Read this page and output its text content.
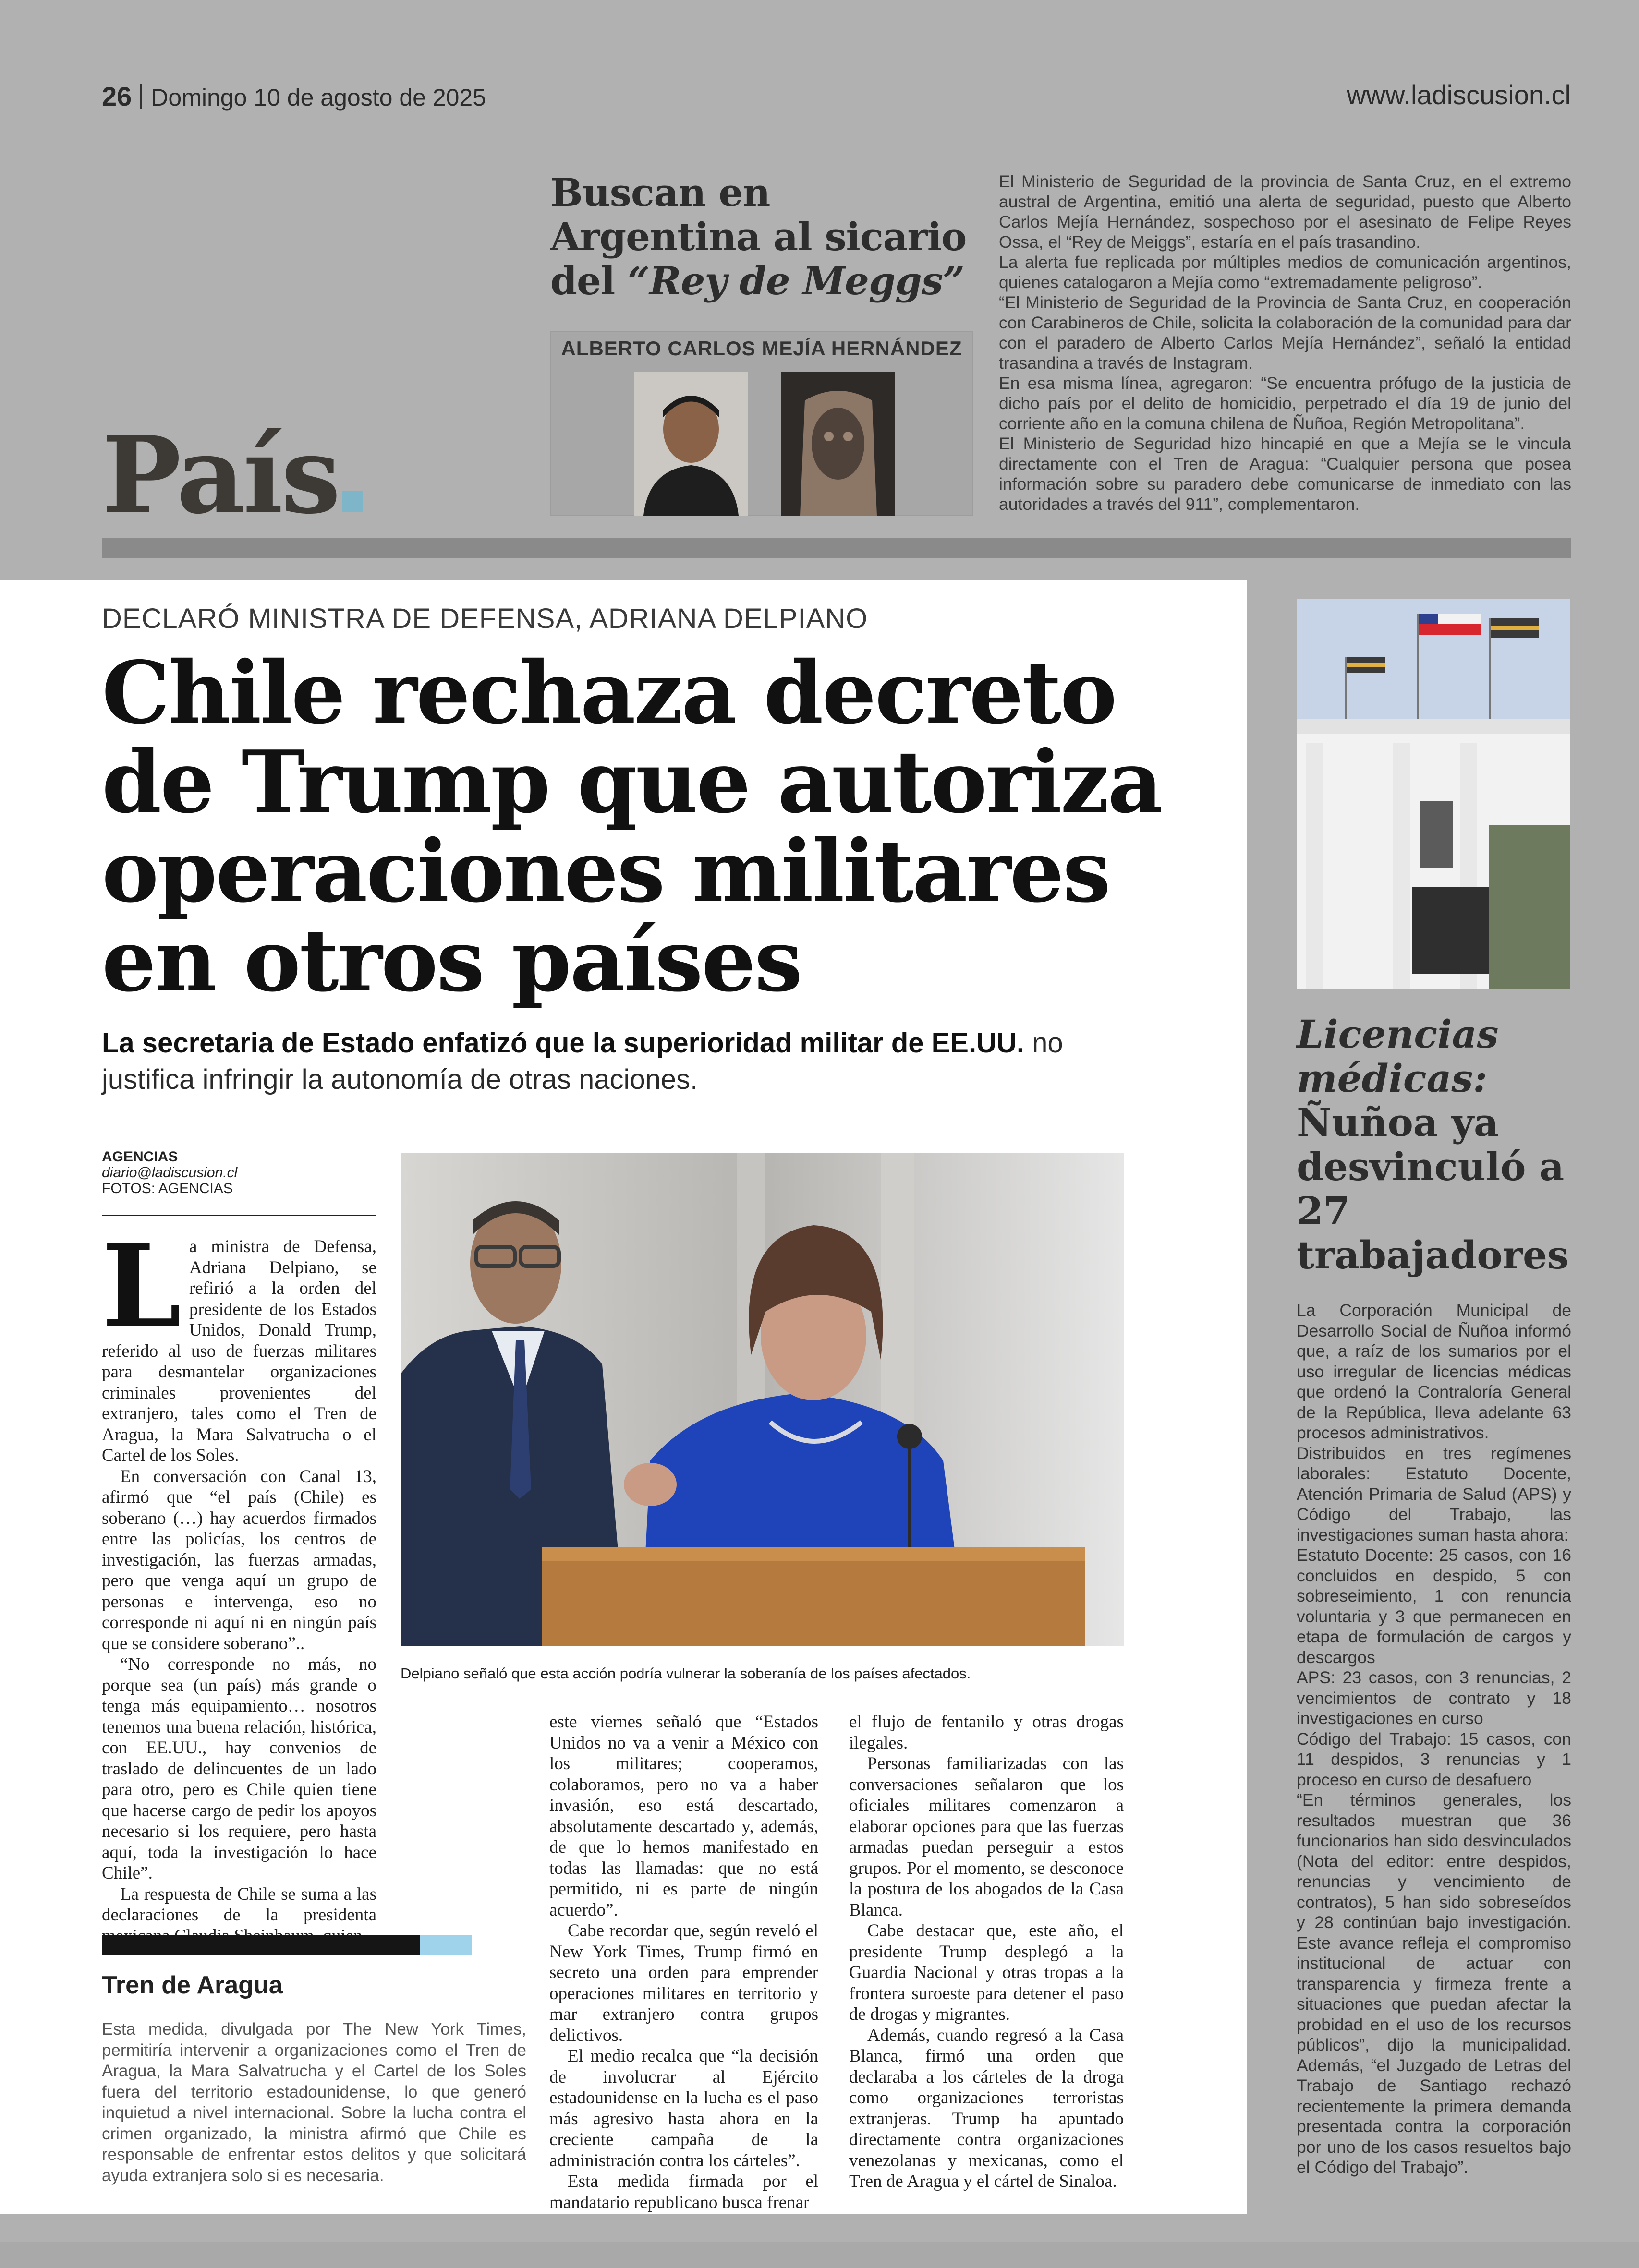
26 Domingo 10 de agosto de 2025	www.ladiscusion.cl
País
Buscan en Argentina al sicario del “Rey de Meggs”
ALBERTO CARLOS MEJÍA HERNÁNDEZ

El Ministerio de Seguridad de la provincia de Santa Cruz, en el extremo austral de Argentina, emitió una alerta de seguridad, puesto que Alberto Carlos Mejía Hernández, sospechoso por el asesinato de Felipe Reyes Ossa, el “Rey de Meiggs”, estaría en el país trasandino.

La alerta fue replicada por múltiples medios de comunicación argentinos, quienes catalogaron a Mejía como “extremadamente peligroso”.

“El Ministerio de Seguridad de la Provincia de Santa Cruz, en cooperación con Carabineros de Chile, solicita la colaboración de la comunidad para dar con el paradero de Alberto Carlos Mejía Hernández”, señaló la entidad trasandina a través de Instagram.

En esa misma línea, agregaron: “Se encuentra prófugo de la justicia de dicho país por el delito de homicidio, perpetrado el día 19 de junio del corriente año en la comuna chilena de Ñuñoa, Región Metropolitana”.

El Ministerio de Seguridad hizo hincapié en que a Mejía se le vincula directamente con el Tren de Aragua: “Cualquier persona que posea información sobre su paradero debe comunicarse de inmediato con las autoridades a través del 911”, complementaron.

DECLARÓ MINISTRA DE DEFENSA, ADRIANA DELPIANO
Chile rechaza decreto de Trump que autoriza operaciones militares en otros países
La secretaria de Estado enfatizó que la superioridad militar de EE.UU. no justifica infringir la autonomía de otras naciones.
AGENCIAS
diario@ladiscusion.cl
FOTOS: AGENCIAS
L a ministra de Defensa, Adriana Delpiano, se refirió a la orden del presidente de los Estados Unidos, Donald Trump, referido al uso de fuerzas militares para desmantelar organizaciones criminales provenientes del extranjero, tales como el Tren de Aragua, la Mara Salvatrucha o el Cartel de los Soles.

En conversación con Canal 13, afirmó que “el país (Chile) es soberano (…) hay acuerdos firmados entre las policías, los centros de investigación, las fuerzas armadas, pero que venga aquí un grupo de personas e intervenga, eso no corresponde ni aquí ni en ningún país que se considere soberano”..

“No corresponde no más, no porque sea (un país) más grande o tenga más equipamiento… nosotros tenemos una buena relación, histórica, con EE.UU., hay convenios de traslado de delincuentes de un lado para otro, pero es Chile quien tiene que hacerse cargo de pedir los apoyos necesario si los requiere, pero hasta aquí, toda la investigación lo hace Chile”.

La respuesta de Chile se suma a las declaraciones de la presidenta

Delpiano señaló que esta acción podría vulnerar la soberanía de los países afectados.

este viernes señaló que “Estados Unidos no va a venir a México con los militares; cooperamos, colaboramos, pero no va a haber invasión, eso está descartado, absolutamente descartado y, además, de que lo hemos manifestado en todas las llamadas: que no está permitido, ni es parte de ningún acuerdo”.

Cabe recordar que, según reveló el New York Times, Trump firmó en secreto una orden para emprender operaciones militares en territorio y mar extranjero contra grupos delictivos.

El medio recalca que “la decisión de involucrar al Ejército estadounidense en la lucha es el paso más agresivo hasta ahora en la creciente campaña de la administración contra los cárteles”.

Esta medida firmada por el mandatario republicano busca frenar

el flujo de fentanilo y otras drogas ilegales.

Personas familiarizadas con las conversaciones señalaron que los oficiales militares comenzaron a elaborar opciones para que las fuerzas armadas puedan perseguir a estos grupos. Por el momento, se desconoce la postura de los abogados de la Casa Blanca.

Cabe destacar que, este año, el presidente Trump desplegó a la Guardia Nacional y otras tropas a la frontera suroeste para detener el paso de drogas y migrantes.

Además, cuando regresó a la Casa Blanca, firmó una orden que declaraba a los cárteles de la droga como organizaciones terroristas extranjeras. Trump ha apuntado directamente contra organizaciones venezolanas y mexicanas, como el Tren de Aragua y el cártel de Sinaloa.

Tren de Aragua
Esta medida, divulgada por The New York Times, permitiría intervenir a organizaciones como el Tren de Aragua, la Mara Salvatrucha y el Cartel de los Soles fuera del territorio estadounidense, lo que generó inquietud a nivel internacional. Sobre la lucha contra el crimen organizado, la ministra afirmó que Chile es responsable de enfrentar estos delitos y que solicitará ayuda extranjera solo si es necesaria.
Licencias médicas:
Ñuñoa ya desvinculó a 27 trabajadores

La Corporación Municipal de Desarrollo Social de Ñuñoa informó que, a raíz de los sumarios por el uso irregular de licencias médicas que ordenó la Contraloría General de la República, lleva adelante 63 procesos administrativos.

Distribuidos en tres regímenes laborales: Estatuto Docente, Atención Primaria de Salud (APS) y Código del Trabajo, las investigaciones suman hasta ahora:

Estatuto Docente: 25 casos, con 16 concluidos en despido, 5 con sobreseimiento, 1 con renuncia voluntaria y 3 que permanecen en etapa de formulación de cargos y descargos

APS: 23 casos, con 3 renuncias, 2 vencimientos de contrato y 18 investigaciones en curso

Código del Trabajo: 15 casos, con 11 despidos, 3 renuncias y 1 proceso en curso de desafuero

“En términos generales, los resultados muestran que 36 funcionarios han sido desvinculados (Nota del editor: entre despidos, renuncias y vencimiento de contratos), 5 han sido sobreseídos y 28 continúan bajo investigación. Este avance refleja el compromiso institucional de actuar con transparencia y firmeza frente a situaciones que puedan afectar la probidad en el uso de los recursos públicos”, dijo la municipalidad. Además, “el Juzgado de Letras del Trabajo de Santiago rechazó recientemente la primera demanda presentada contra la corporación por uno de los casos resueltos bajo el Código del Trabajo”.
